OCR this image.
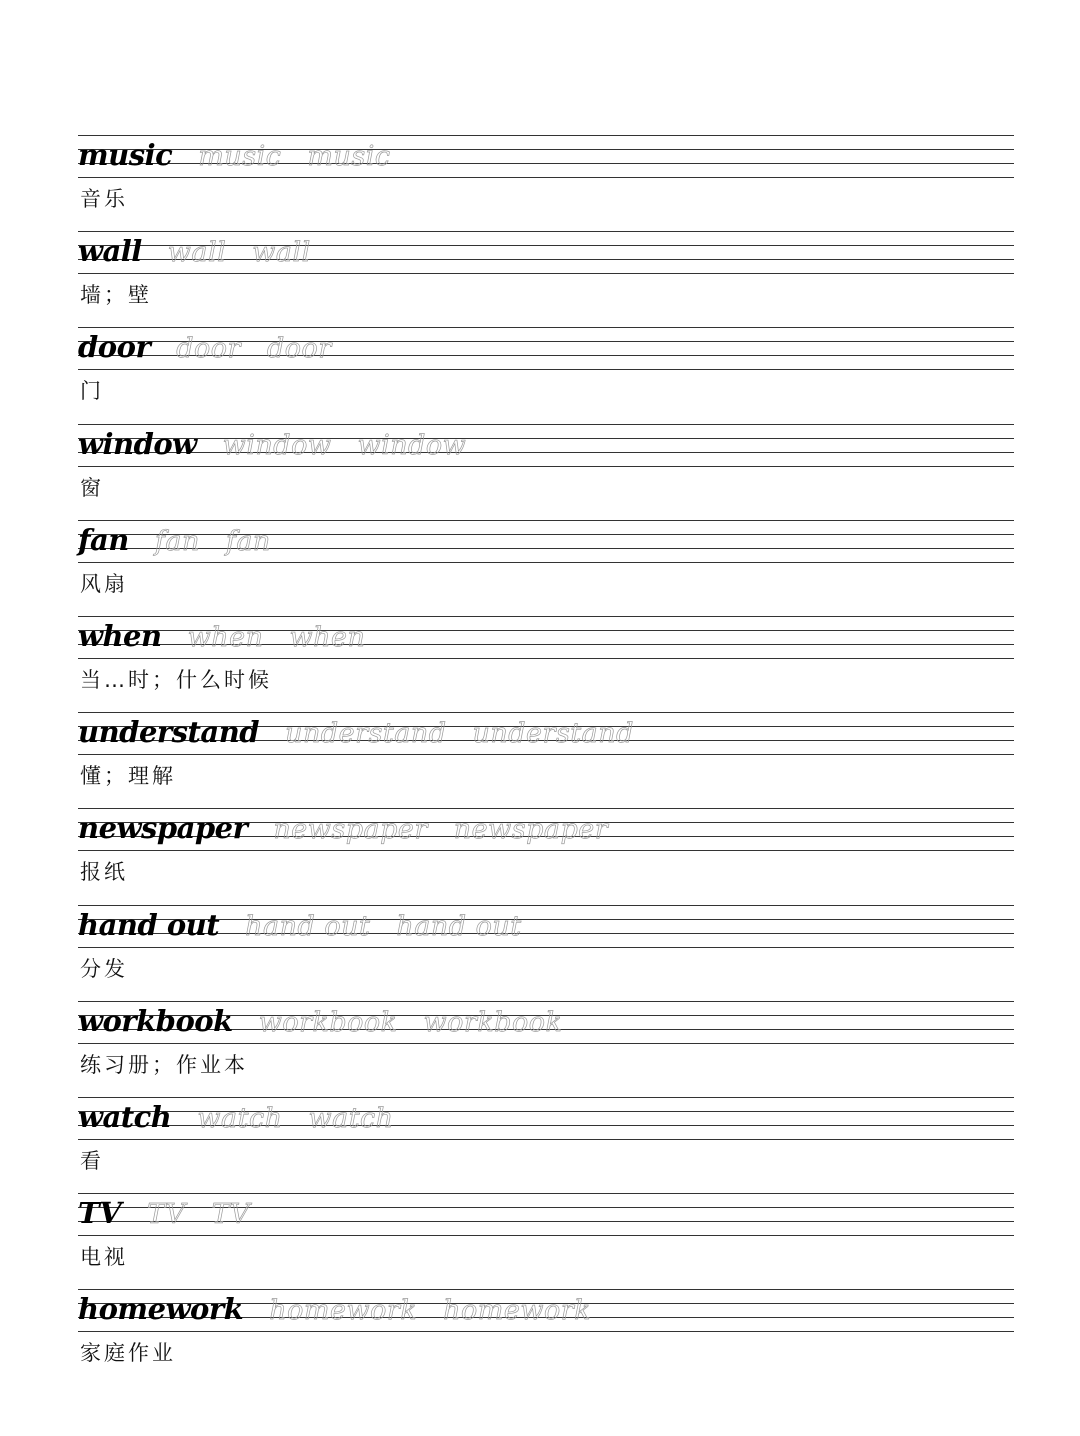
music music music
音乐
wall wall wall
墙；壁
door door door
门
window window window
窗
fan fan fan
风扇
when when when
当…时；什么时候
understand understand understand
懂；理解
newspaper newspaper newspaper
报纸
hand out hand out hand out
分发
workbook workbook workbook
练习册；作业本
watch watch watch
看
TV TV TV
电视
homework homework homework
家庭作业
